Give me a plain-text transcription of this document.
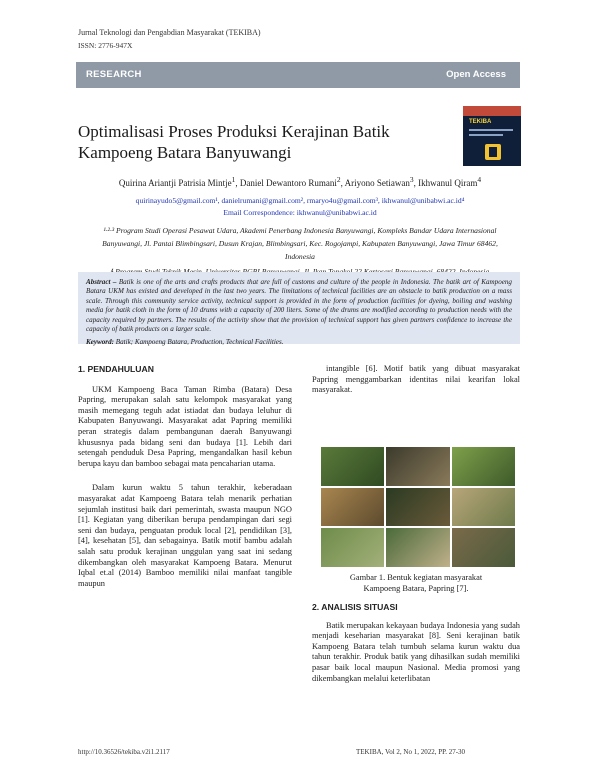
Jurnal Teknologi dan Pengabdian Masyarakat (TEKIBA)
ISSN: 2776-947X
RESEARCH	Open Access
TEKIBA
Optimalisasi Proses Produksi Kerajinan Batik
Kampoeng Batara Banyuwangi
Quirina Ariantji Patrisia Mintje$^1$, Daniel Dewantoro Rumani$^2$, Ariyono Setiawan$^3$, Ikhwanul Qiram$^4$
quirinayudo5@gmail.com¹, danielrumani@gmail.com², rmaryo4u@gmail.com³, ikhwanul@unibabwi.ac.id⁴
Email Correspondence: ikhwanul@unibabwi.ac.id

¹·²·³ Program Studi Operasi Pesawat Udara, Akademi Penerbang Indonesia Banyuwangi, Kompleks Bandar Udara Internasional Banyuwangi, Jl. Pantai Blimbingsari, Dusun Krajan, Blimbingsari, Kec. Rogojampi, Kabupaten Banyuwangi, Jawa Timur 68462, Indonesia

Abstract – Batik is one of the arts and crafts products that are full of customs and culture of the people in Indonesia. The batik art of Kampoeng Batara UKM has existed and developed in the last two years. The limitations of technical facilities are an obstacle to batik production on a mass scale. Through this community service activity, technical support is provided in the form of production facilities for dyeing, boiling and washing media for batik cloth in the form of 10 drums with a capacity of 200 liters. Some of the drums are modified according to production needs with the capacity required by partners. The results of the activity show that the provision of technical support has given partners confidence to increase the capacity of batik products on a larger scale.
Keyword: Batik; Kampoeng Batara, Production, Technical Facilities.
1. PENDAHULUAN

UKM Kampoeng Baca Taman Rimba (Batara) Desa Papring, merupakan salah satu kelompok masyarakat yang masih memegang teguh adat istiadat dan budaya leluhur di Kabupaten Banyuwangi. Masyarakat adat Papring memiliki peran strategis dalam pembangunan daerah Banyuwangi khususnya pada bidang seni dan budaya [1]. Lebih dari setengah penduduk Desa Papring, mengandalkan hasil kebun berupa kayu dan bamboo sebagai mata pencaharian utama.

Dalam kurun waktu 5 tahun terakhir, keberadaan masyarakat adat Kampoeng Batara telah menarik perhatian sejumlah institusi baik dari pemerintah, swasta maupun NGO [1]. Kegiatan yang diberikan berupa pendampingan dari segi seni dan budaya, penguatan produk local [2], pendidikan [3], [4], kesehatan [5], dan sebagainya. Batik motif bambu adalah salah satu produk kerajinan unggulan yang saat ini sedang dikembangkan oleh masyarakat Kampoeng Batara. Menurut Iqbal et.al (2014) Bamboo memiliki nilai manfaat tangible maupun

intangible [6]. Motif batik yang dibuat masyarakat Papring menggambarkan identitas nilai kearifan lokal masyarakat.

Gambar 1. Bentuk kegiatan masyarakat
Kampoeng Batara, Papring [7].
2. ANALISIS SITUASI

Batik merupakan kekayaan budaya Indonesia yang sudah menjadi keseharian masyarakat [8]. Seni kerajinan batik Kampoeng Batara telah tumbuh selama kurun waktu dua tahun terakhir. Produk batik yang dihasilkan sudah memiliki pasar baik local maupun Nasional. Media promosi yang dikembangkan melalui keterlibatan

http://10.36526/tekiba.v2i1.2117	TEKIBA, Vol 2, No 1, 2022, PP. 27-30
